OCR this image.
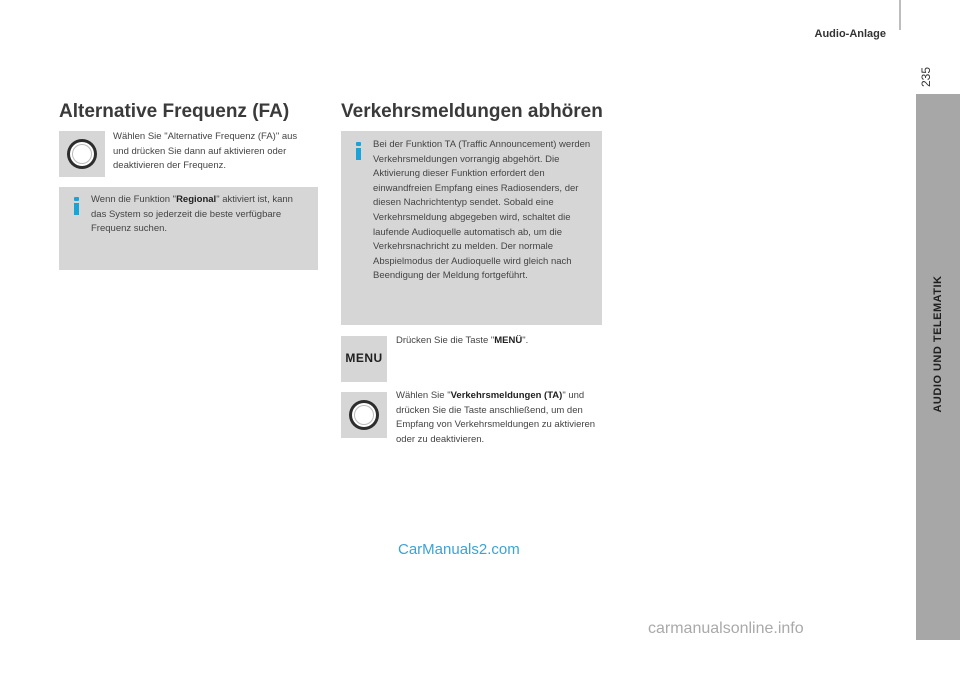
Audio-Anlage
235
AUDIO UND TELEMATIK
10
Alternative Frequenz (FA)
Wählen Sie "Alternative Frequenz (FA)" aus und drücken Sie dann auf aktivieren oder deaktivieren der Frequenz.
Wenn die Funktion "Regional" aktiviert ist, kann das System so jederzeit die beste verfügbare Frequenz suchen.
Verkehrsmeldungen abhören
Bei der Funktion TA (Traffic Announcement) werden Verkehrsmeldungen vorrangig abgehört. Die Aktivierung dieser Funktion erfordert den einwandfreien Empfang eines Radiosenders, der diesen Nachrichtentyp sendet. Sobald eine Verkehrsmeldung abgegeben wird, schaltet die laufende Audioquelle automatisch ab, um die Verkehrsnachricht zu melden. Der normale Abspielmodus der Audioquelle wird gleich nach Beendigung der Meldung fortgeführt.
MENU
Drücken Sie die Taste "MENÜ".
Wählen Sie "Verkehrsmeldungen (TA)" und drücken Sie die Taste anschließend, um den Empfang von Verkehrsmeldungen zu aktivieren oder zu deaktivieren.
CarManuals2.com
carmanualsonline.info
